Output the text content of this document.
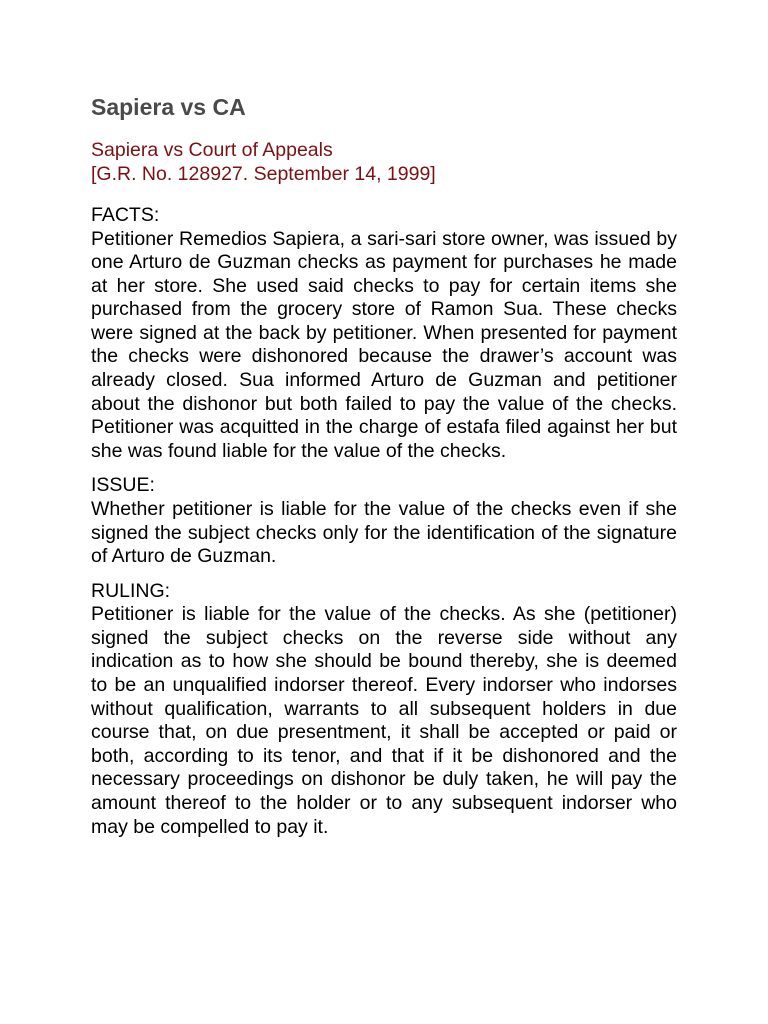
Sapiera vs CA

Sapiera vs Court of Appeals

[G.R. No. 128927. September 14, 1999]

FACTS:

Petitioner Remedios Sapiera, a sari-sari store owner, was issued by one Arturo de Guzman checks as payment for purchases he made at her store. She used said checks to pay for certain items she purchased from the grocery store of Ramon Sua. These checks were signed at the back by petitioner. When presented for payment the checks were dishonored because the drawer’s account was already closed. Sua informed Arturo de Guzman and petitioner about the dishonor but both failed to pay the value of the checks. Petitioner was acquitted in the charge of estafa filed against her but she was found liable for the value of the checks.

ISSUE:

Whether petitioner is liable for the value of the checks even if she signed the subject checks only for the identification of the signature of Arturo de Guzman.

RULING:

Petitioner is liable for the value of the checks. As she (petitioner) signed the subject checks on the reverse side without any indication as to how she should be bound thereby, she is deemed to be an unqualified indorser thereof. Every indorser who indorses without qualification, warrants to all subsequent holders in due course that, on due presentment, it shall be accepted or paid or both, according to its tenor, and that if it be dishonored and the necessary proceedings on dishonor be duly taken, he will pay the amount thereof to the holder or to any subsequent indorser who may be compelled to pay it.
